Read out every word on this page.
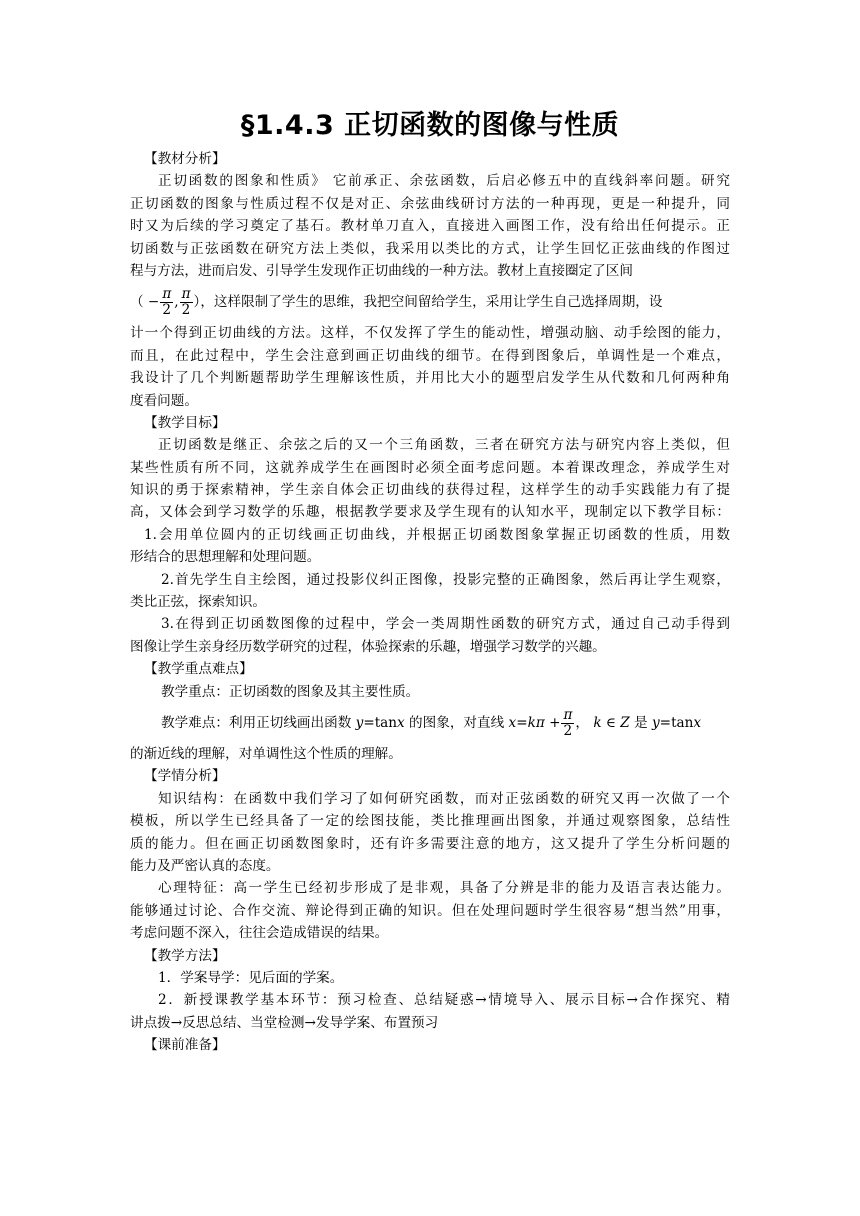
§1.4.3 正切函数的图像与性质
【教材分析】
正切函数的图象和性质》 它前承正、余弦函数，后启必修五中的直线斜率问题。研究
正切函数的图象与性质过程不仅是对正、余弦曲线研讨方法的一种再现，更是一种提升，同
时又为后续的学习奠定了基石。教材单刀直入，直接进入画图工作，没有给出任何提示。正
切函数与正弦函数在研究方法上类似，我采用以类比的方式，让学生回忆正弦曲线的作图过
程与方法，进而启发、引导学生发现作正切曲线的一种方法。教材上直接圈定了区间
（ − $\frac{\pi}{2}$ , $\frac{\pi}{2}$ ），这样限制了学生的思维，我把空间留给学生，采用让学生自己选择周期，设
计一个得到正切曲线的方法。这样，不仅发挥了学生的能动性，增强动脑、动手绘图的能力，
而且，在此过程中，学生会注意到画正切曲线的细节。在得到图象后，单调性是一个难点，
我设计了几个判断题帮助学生理解该性质，并用比大小的题型启发学生从代数和几何两种角
度看问题。
【教学目标】
正切函数是继正、余弦之后的又一个三角函数，三者在研究方法与研究内容上类似，但
某些性质有所不同，这就养成学生在画图时必须全面考虑问题。本着课改理念，养成学生对
知识的勇于探索精神，学生亲自体会正切曲线的获得过程，这样学生的动手实践能力有了提
高，又体会到学习数学的乐趣，根据教学要求及学生现有的认知水平，现制定以下教学目标：
1.会用单位圆内的正切线画正切曲线，并根据正切函数图象掌握正切函数的性质，用数
形结合的思想理解和处理问题。
2.首先学生自主绘图，通过投影仪纠正图像，投影完整的正确图象，然后再让学生观察，
类比正弦，探索知识。
3.在得到正切函数图像的过程中，学会一类周期性函数的研究方式，通过自己动手得到
图像让学生亲身经历数学研究的过程，体验探索的乐趣，增强学习数学的兴趣。
【教学重点难点】
教学重点：正切函数的图象及其主要性质。
教学难点：利用正切线画出函数 y=tanx 的图象，对直线 $x=k\pi + \frac{\pi}{2}$ ， k ∈ Z 是 y=tanx
的渐近线的理解，对单调性这个性质的理解。
【学情分析】
知识结构：在函数中我们学习了如何研究函数，而对正弦函数的研究又再一次做了一个
模板，所以学生已经具备了一定的绘图技能，类比推理画出图象，并通过观察图象，总结性
质的能力。但在画正切函数图象时，还有许多需要注意的地方，这又提升了学生分析问题的
能力及严密认真的态度。
心理特征：高一学生已经初步形成了是非观，具备了分辨是非的能力及语言表达能力。
能够通过讨论、合作交流、辩论得到正确的知识。但在处理问题时学生很容易“想当然”用事，
考虑问题不深入，往往会造成错误的结果。
【教学方法】
1．学案导学：见后面的学案。
2．新授课教学基本环节：预习检查、总结疑惑→情境导入、展示目标→合作探究、精
讲点拨→反思总结、当堂检测→发导学案、布置预习
【课前准备】
